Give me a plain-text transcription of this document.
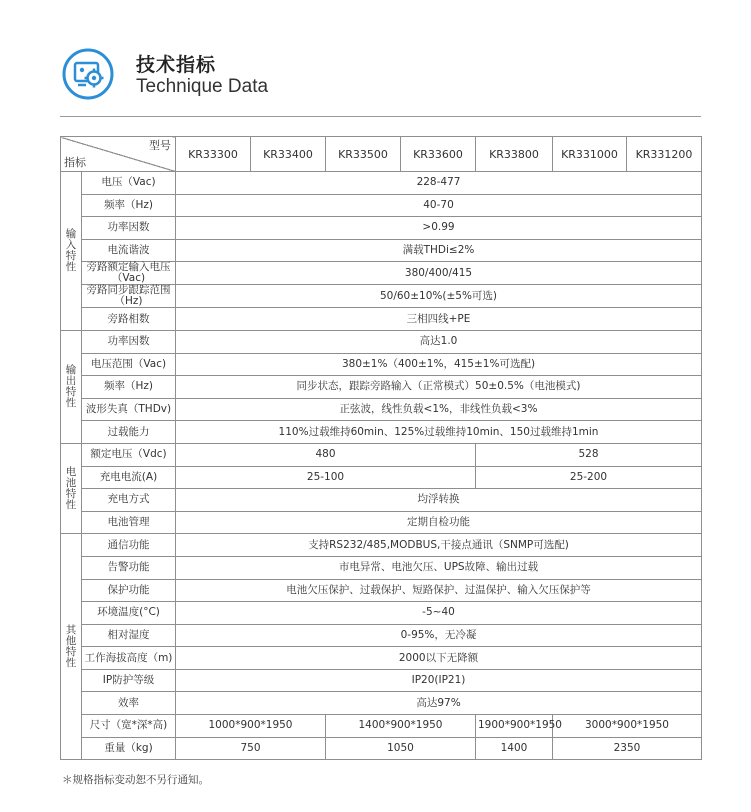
技术指标
Technique Data
型号
指标		KR33300	KR33400	KR33500	KR33600	KR33800	KR331000	KR331200
输
入
特
性	电压（Vac)	228-477						
	频率（Hz)	40-70						
	功率因数	>0.99						
	电流谐波	满载THDi≤2%						
	旁路额定输入电压（Vac)	380/400/415						
	旁路同步跟踪范围（Hz)	50/60±10%(±5%可选)						
	旁路相数	三相四线+PE						
输
出
特
性	功率因数	高达1.0						
	电压范围（Vac)	380±1%（400±1%，415±1%可选配)						
	频率（Hz)	同步状态，跟踪旁路输入（正常模式）50±0.5%（电池模式)						
	波形失真（THDv)	正弦波，线性负载<1%，非线性负载<3%						
	过载能力	110%过载维持60min、125%过载维持10min、150过载维持1min						
电
池
特
性	额定电压（Vdc)	480				528		
	充电电流(A)	25-100				25-200		
	充电方式	均浮转换						
	电池管理	定期自检功能						
其
他
特
性	通信功能	支持RS232/485,MODBUS,干接点通讯（SNMP可选配)						
	告警功能	市电异常、电池欠压、UPS故障、输出过载						
	保护功能	电池欠压保护、过载保护、短路保护、过温保护、输入欠压保护等						
	环境温度(°C)	-5~40						
	相对湿度	0-95%，无冷凝						
	工作海拔高度（m)	2000以下无降额						
	IP防护等级	IP20(IP21)						
	效率	高达97%						
	尺寸（宽*深*高)	1000*900*1950		1400*900*1950		1900*900*1950	3000*900*1950	
	重量（kg)	750		1050		1400	2350	
＊规格指标变动恕不另行通知。
